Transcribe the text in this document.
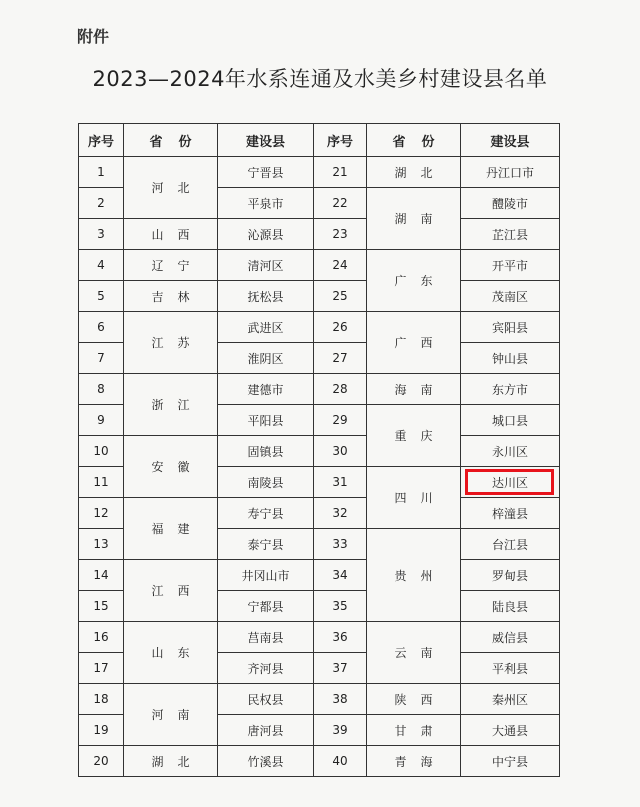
附件
2023—2024年水系连通及水美乡村建设县名单
序号	省份	建设县	序号	省份	建设县
1	河北	宁晋县	21	湖北	丹江口市
2		平泉市	22	湖南	醴陵市
3	山西	沁源县	23		芷江县
4	辽宁	清河区	24	广东	开平市
5	吉林	抚松县	25		茂南区
6	江苏	武进区	26	广西	宾阳县
7		淮阴区	27		钟山县
8	浙江	建德市	28	海南	东方市
9		平阳县	29	重庆	城口县
10	安徽	固镇县	30		永川区
11		南陵县	31	四川	达川区
12	福建	寿宁县	32		梓潼县
13		泰宁县	33	贵州	台江县
14	江西	井冈山市	34		罗甸县
15		宁都县	35		陆良县
16	山东	莒南县	36	云南	威信县
17		齐河县	37		平利县
18	河南	民权县	38	陕西	秦州区
19		唐河县	39	甘肃	大通县
20	湖北	竹溪县	40	青海	中宁县
